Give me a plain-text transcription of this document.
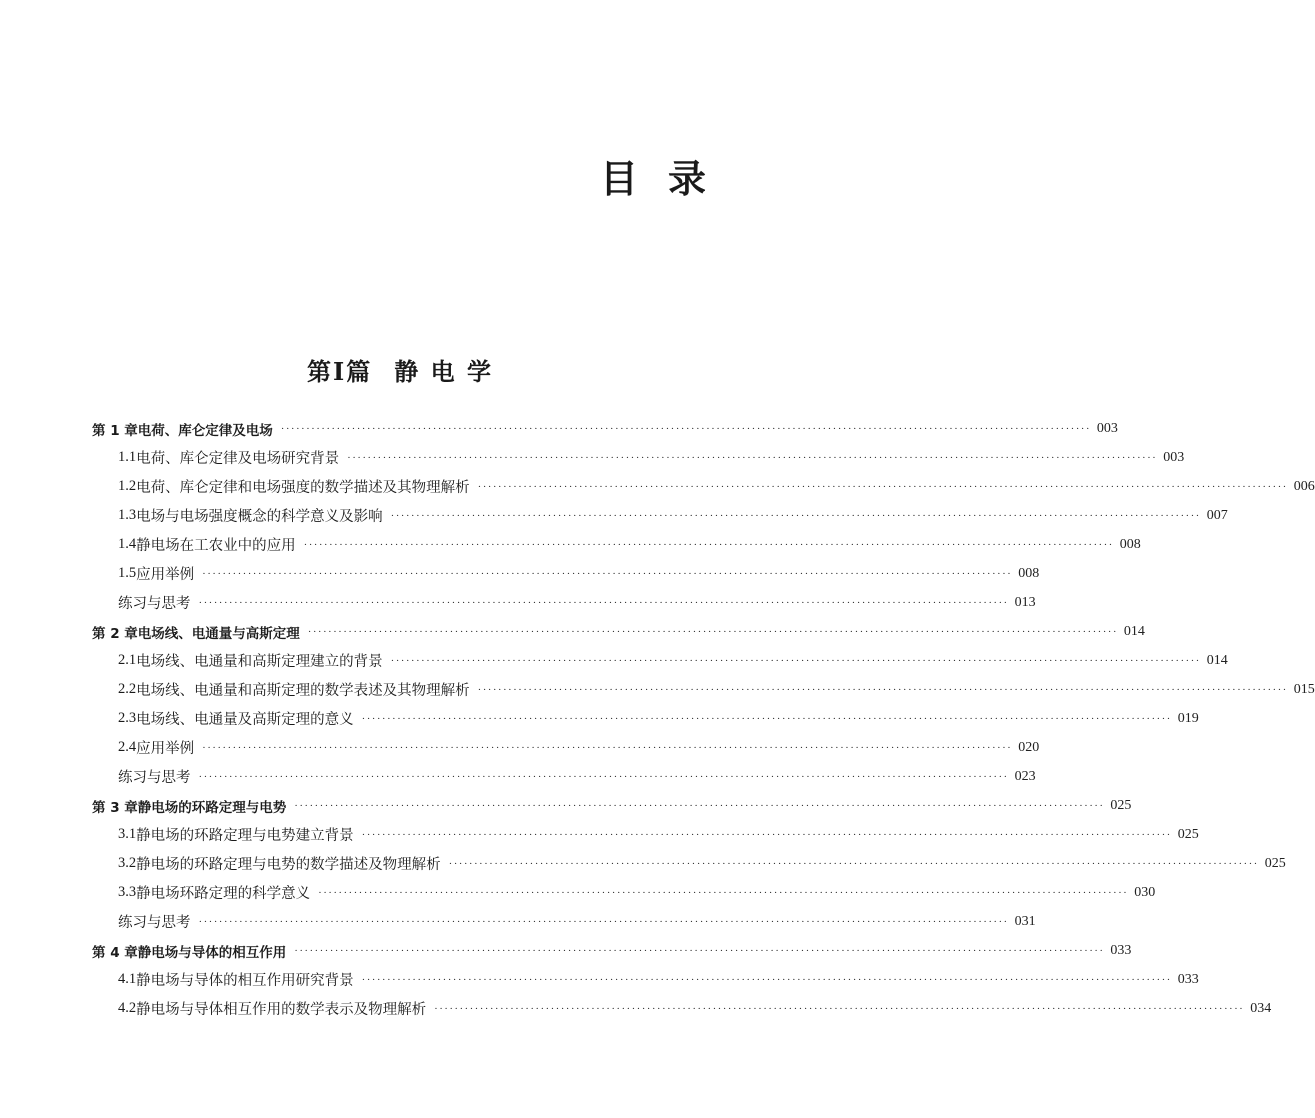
目 录
第Ⅰ篇 静 电 学
第 1 章 电荷、库仑定律及电场 ································································································································································ 003
1.1 电荷、库仑定律及电场研究背景 ································································································································································ 003
1.2 电荷、库仑定律和电场强度的数学描述及其物理解析 ································································································································································ 006
1.3 电场与电场强度概念的科学意义及影响 ································································································································································ 007
1.4 静电场在工农业中的应用 ································································································································································ 008
1.5 应用举例 ································································································································································ 008
练习与思考 ································································································································································ 013
第 2 章 电场线、电通量与高斯定理 ································································································································································ 014
2.1 电场线、电通量和高斯定理建立的背景 ································································································································································ 014
2.2 电场线、电通量和高斯定理的数学表述及其物理解析 ································································································································································ 015
2.3 电场线、电通量及高斯定理的意义 ································································································································································ 019
2.4 应用举例 ································································································································································ 020
练习与思考 ································································································································································ 023
第 3 章 静电场的环路定理与电势 ································································································································································ 025
3.1 静电场的环路定理与电势建立背景 ································································································································································ 025
3.2 静电场的环路定理与电势的数学描述及物理解析 ································································································································································ 025
3.3 静电场环路定理的科学意义 ································································································································································ 030
练习与思考 ································································································································································ 031
第 4 章 静电场与导体的相互作用 ································································································································································ 033
4.1 静电场与导体的相互作用研究背景 ································································································································································ 033
4.2 静电场与导体相互作用的数学表示及物理解析 ································································································································································ 034
